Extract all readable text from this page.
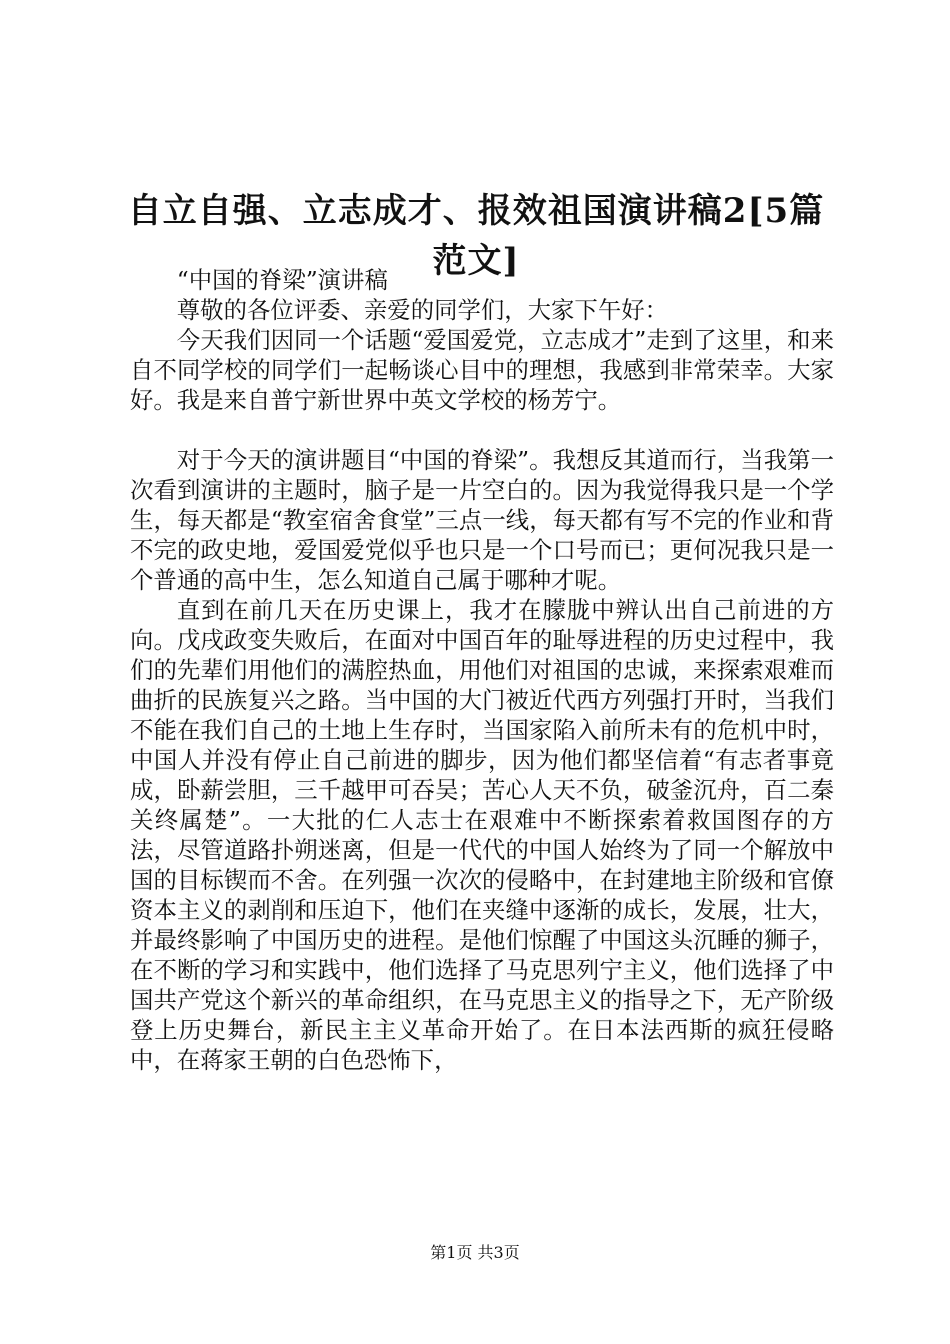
自立自强、立志成才、报效祖国演讲稿2[5篇范文]

“中国的脊梁”演讲稿

尊敬的各位评委、亲爱的同学们，大家下午好：

今天我们因同一个话题“爱国爱党，立志成才”走到了这里，和来自不同学校的同学们一起畅谈心目中的理想，我感到非常荣幸。大家好。我是来自普宁新世界中英文学校的杨芳宁。

对于今天的演讲题目“中国的脊梁”。我想反其道而行，当我第一次看到演讲的主题时，脑子是一片空白的。因为我觉得我只是一个学生，每天都是“教室宿舍食堂”三点一线，每天都有写不完的作业和背不完的政史地，爱国爱党似乎也只是一个口号而已；更何况我只是一个普通的高中生，怎么知道自己属于哪种才呢。

直到在前几天在历史课上，我才在朦胧中辨认出自己前进的方向。戊戌政变失败后，在面对中国百年的耻辱进程的历史过程中，我们的先辈们用他们的满腔热血，用他们对祖国的忠诚，来探索艰难而曲折的民族复兴之路。当中国的大门被近代西方列强打开时，当我们不能在我们自己的土地上生存时，当国家陷入前所未有的危机中时，中国人并没有停止自己前进的脚步，因为他们都坚信着“有志者事竟成，卧薪尝胆，三千越甲可吞吴；苦心人天不负，破釜沉舟，百二秦关终属楚”。一大批的仁人志士在艰难中不断探索着救国图存的方法，尽管道路扑朔迷离，但是一代代的中国人始终为了同一个解放中国的目标锲而不舍。在列强一次次的侵略中，在封建地主阶级和官僚资本主义的剥削和压迫下，他们在夹缝中逐渐的成长，发展，壮大，并最终影响了中国历史的进程。是他们惊醒了中国这头沉睡的狮子，在不断的学习和实践中，他们选择了马克思列宁主义，他们选择了中国共产党这个新兴的革命组织，在马克思主义的指导之下，无产阶级登上历史舞台，新民主主义革命开始了。在日本法西斯的疯狂侵略中，在蒋家王朝的白色恐怖下，

第1页 共3页
